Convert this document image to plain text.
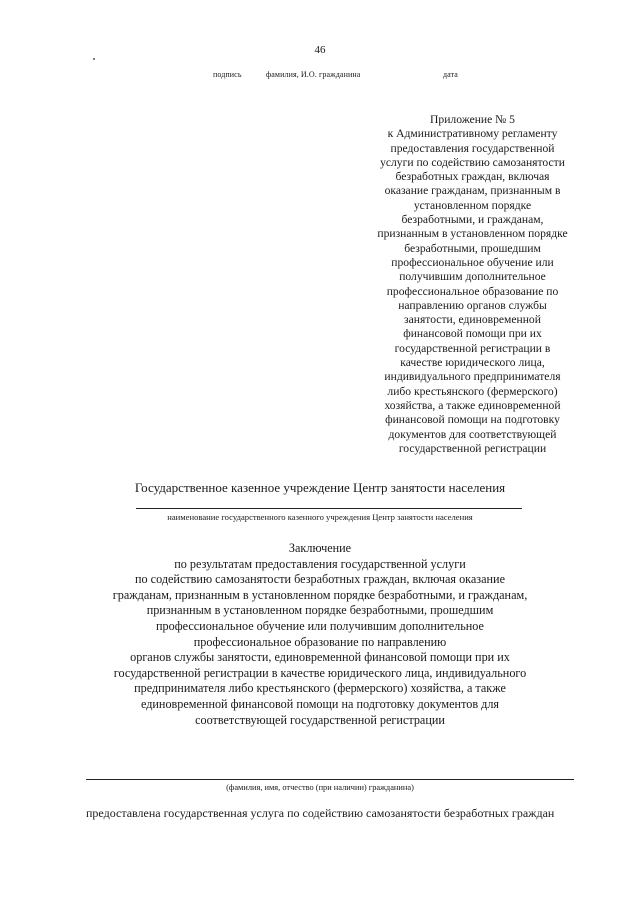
46
подпись	фамилия, И.О. гражданина	дата
Приложение № 5
к Административному регламенту
предоставления государственной
услуги по содействию самозанятости
безработных граждан, включая
оказание гражданам, признанным в
установленном порядке
безработными, и гражданам,
признанным в установленном порядке
безработными, прошедшим
профессиональное обучение или
получившим дополнительное
профессиональное образование по
направлению органов службы
занятости, единовременной
финансовой помощи при их
государственной регистрации в
качестве юридического лица,
индивидуального предпринимателя
либо крестьянского (фермерского)
хозяйства, а также единовременной
финансовой помощи на подготовку
документов для соответствующей
государственной регистрации
Государственное казенное учреждение Центр занятости населения
наименование государственного казенного учреждения Центр занятости населения
Заключение
по результатам предоставления государственной услуги
по содействию самозанятости безработных граждан, включая оказание
гражданам, признанным в установленном порядке безработными, и гражданам,
признанным в установленном порядке безработными, прошедшим
профессиональное обучение или получившим дополнительное
профессиональное образование по направлению
органов службы занятости, единовременной финансовой помощи при их
государственной регистрации в качестве юридического лица, индивидуального
предпринимателя либо крестьянского (фермерского) хозяйства, а также
единовременной финансовой помощи на подготовку документов для
соответствующей государственной регистрации
(фамилия, имя, отчество (при наличии) гражданина)
предоставлена государственная услуга по содействию самозанятости безработных граждан
